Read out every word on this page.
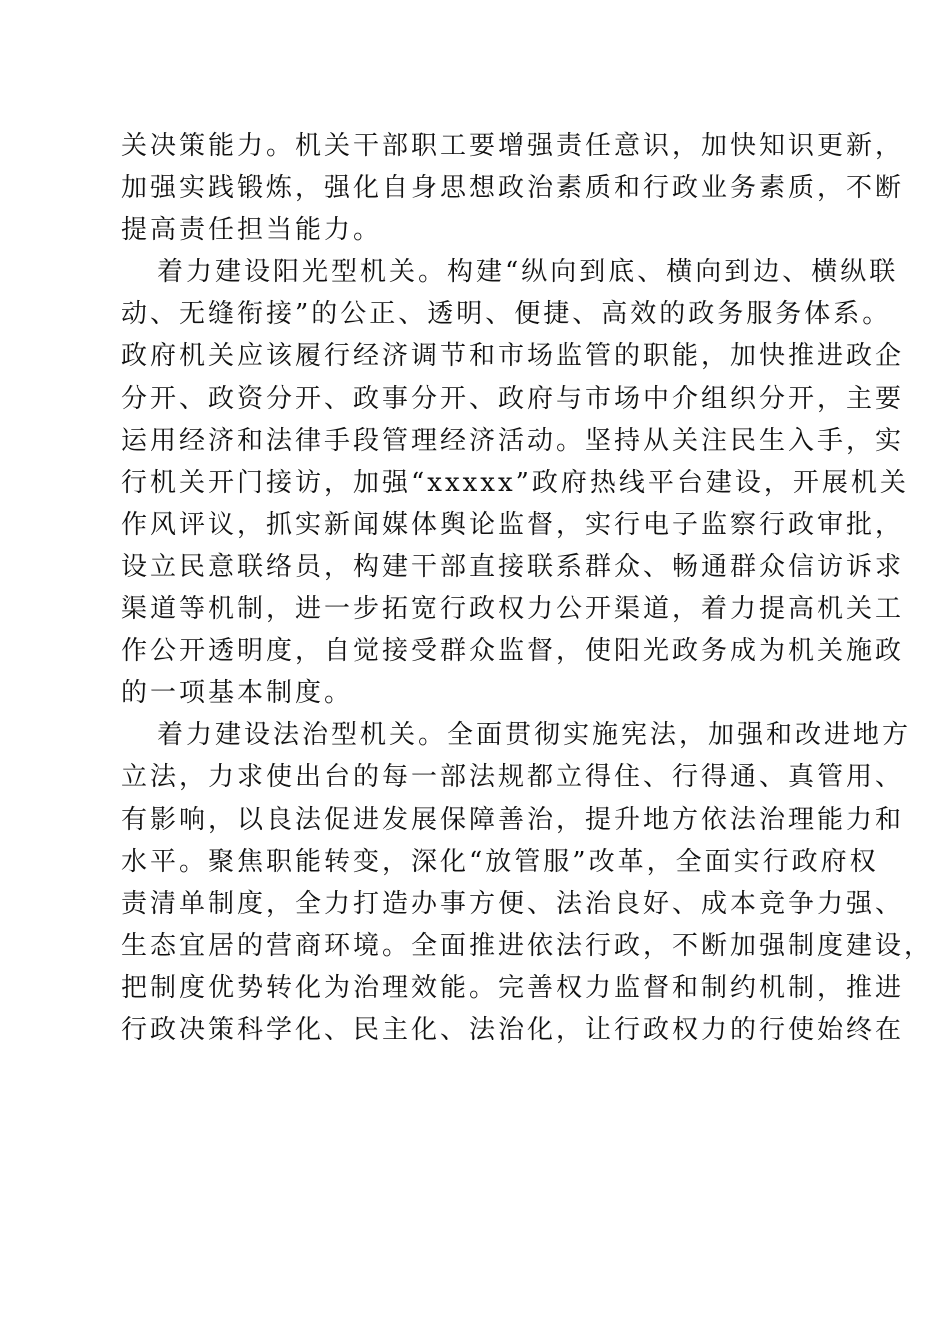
关决策能力。机关干部职工要增强责任意识，加快知识更新，
加强实践锻炼，强化自身思想政治素质和行政业务素质，不断
提高责任担当能力。
着力建设阳光型机关。构建“纵向到底、横向到边、横纵联
动、无缝衔接”的公正、透明、便捷、高效的政务服务体系。
政府机关应该履行经济调节和市场监管的职能，加快推进政企
分开、政资分开、政事分开、政府与市场中介组织分开，主要
运用经济和法律手段管理经济活动。坚持从关注民生入手，实
行机关开门接访，加强“xxxxx”政府热线平台建设，开展机关
作风评议，抓实新闻媒体舆论监督，实行电子监察行政审批，
设立民意联络员，构建干部直接联系群众、畅通群众信访诉求
渠道等机制，进一步拓宽行政权力公开渠道，着力提高机关工
作公开透明度，自觉接受群众监督，使阳光政务成为机关施政
的一项基本制度。
着力建设法治型机关。全面贯彻实施宪法，加强和改进地方
立法，力求使出台的每一部法规都立得住、行得通、真管用、
有影响，以良法促进发展保障善治，提升地方依法治理能力和
水平。聚焦职能转变，深化“放管服”改革，全面实行政府权
责清单制度，全力打造办事方便、法治良好、成本竞争力强、
生态宜居的营商环境。全面推进依法行政，不断加强制度建设，
把制度优势转化为治理效能。完善权力监督和制约机制，推进
行政决策科学化、民主化、法治化，让行政权力的行使始终在
